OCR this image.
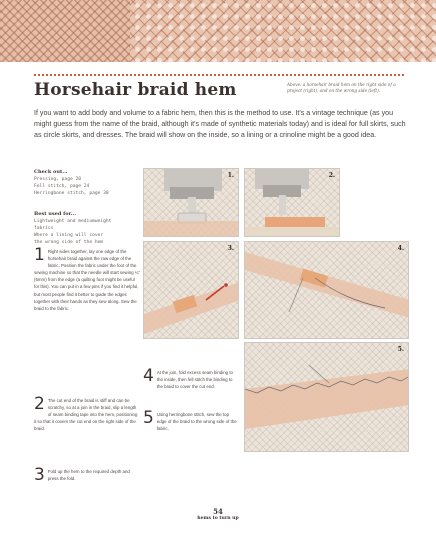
Horsehair braid hem	Above: a horsehair braid hem on the right side of a project (right), and on the wrong side (left).
If you want to add body and volume to a fabric hem, then this is the method to use. It's a vintage technique (as you might guess from the name of the braid, although it's made of synthetic materials today) and is ideal for full skirts, such as circle skirts, and dresses. The braid will show on the inside, so a lining or a crinoline might be a good idea.
Check out...
Pressing, page 20
Fell stitch, page 24
Herringbone stitch, page 30
Best used for...
Lightweight and mediumweight fabrics
Where a lining will cover the wrong side of the hem
1.	2.
3.	4.
5.
1 Right sides together, lay one edge of the horsehair braid against the raw edge of the fabric. Position the fabric under the foot of the sewing machine so that the needle will start sewing ¼" (6mm) from the edge (a quilting foot might be useful for this). You can put in a few pins if you find it helpful, but most people find it better to guide the edges together with their hands as they sew along. Sew the braid to the fabric.
2 The cut end of the braid is stiff and can be scratchy, so at a join in the braid, slip a length of seam binding tape into the hem, positioning it so that it covers the cut end on the right side of the braid.
3 Fold up the hem to the required depth and press the fold.
4 At the join, fold excess seam binding to the inside, then fell stitch the binding to the braid to cover the cut end.
5 Using herringbone stitch, sew the top edge of the braid to the wrong side of the fabric.
54
hems to turn up
